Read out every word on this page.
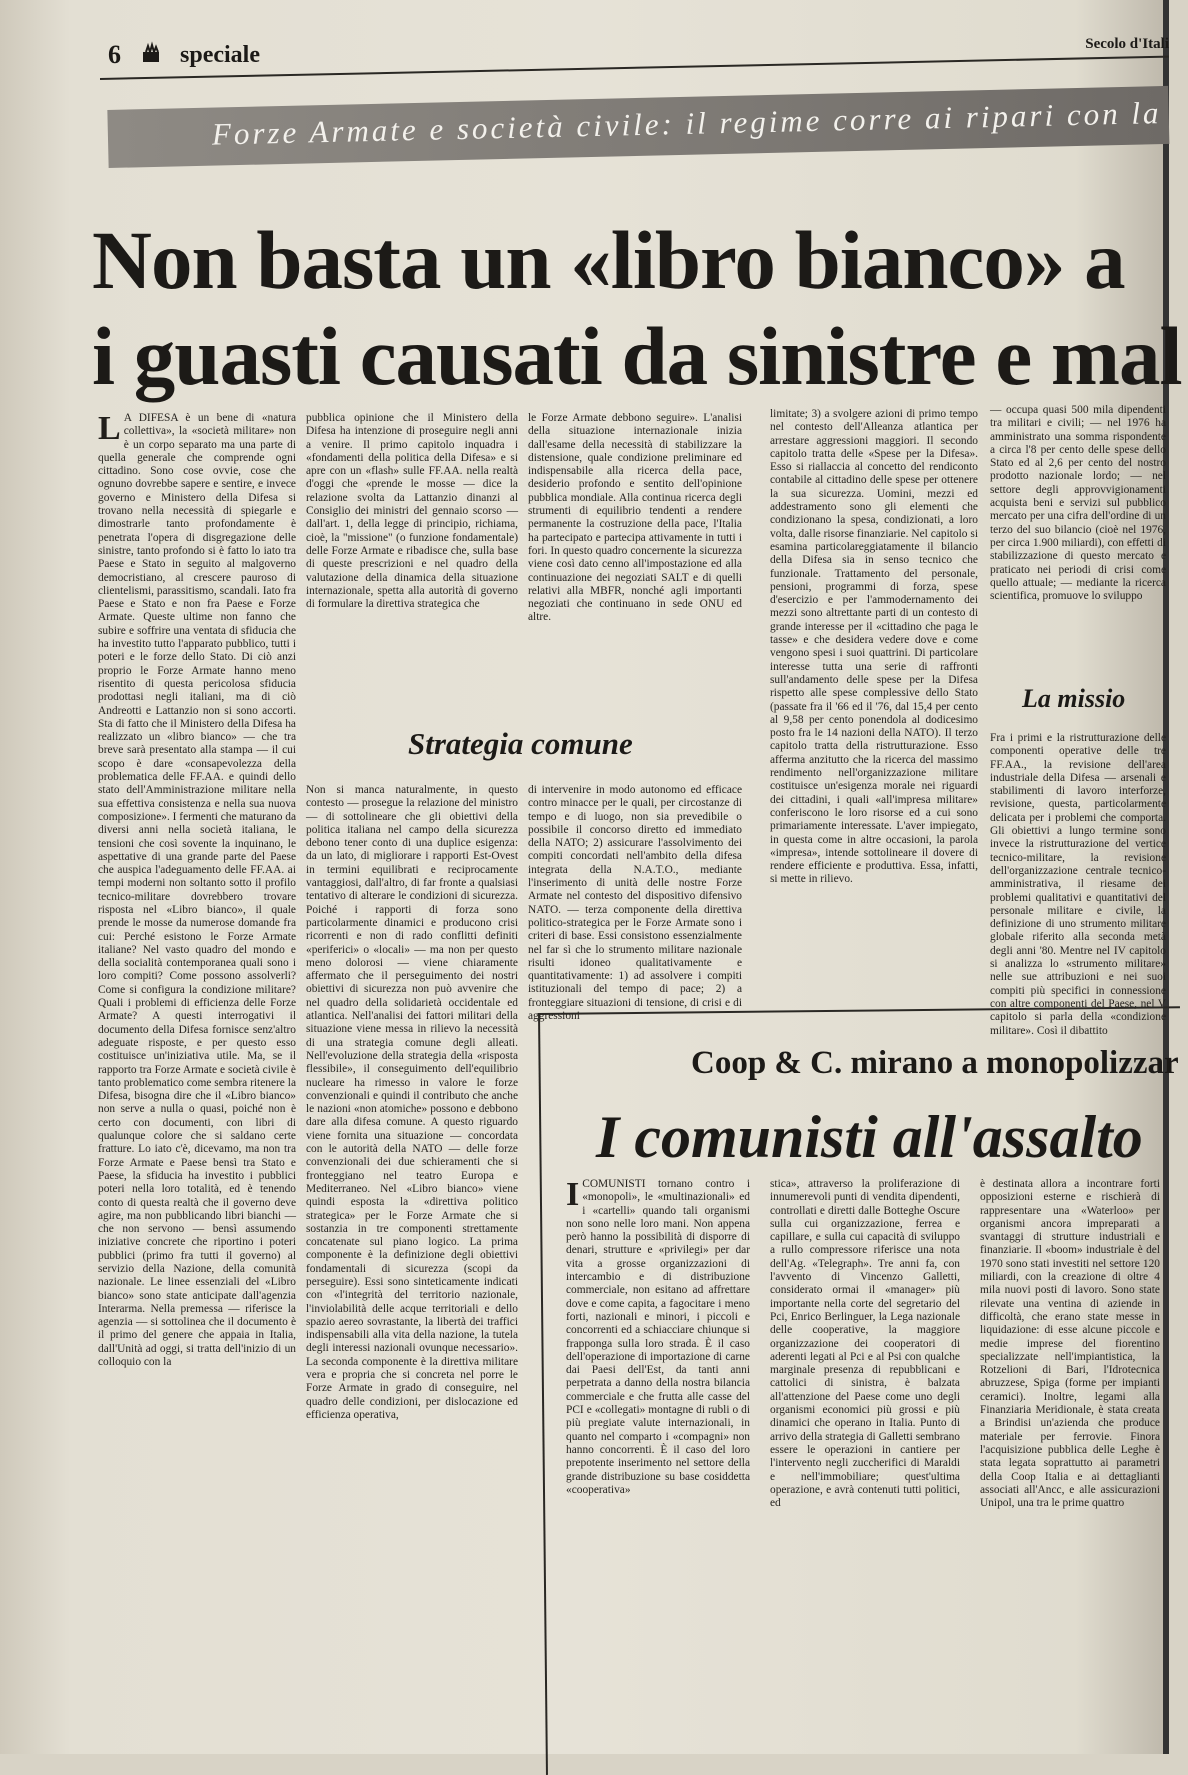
6 speciale	Secolo d'Itali
Forze Armate e società civile: il regime corre ai ripari con la
Non basta un «libro bianco» a
i guasti causati da sinistre e mal
L A DIFESA è un bene di «natura collettiva», la «società militare» non è un corpo separato ma una parte di quella generale che comprende ogni cittadino. Sono cose ovvie, cose che ognuno dovrebbe sapere e sentire, e invece governo e Ministero della Difesa si trovano nella necessità di spiegarle e dimostrarle tanto profondamente è penetrata l'opera di disgregazione delle sinistre, tanto profondo si è fatto lo iato tra Paese e Stato in seguito al malgoverno democristiano, al crescere pauroso di clientelismi, parassitismo, scandali. Iato fra Paese e Stato e non fra Paese e Forze Armate. Queste ultime non fanno che subire e soffrire una ventata di sfiducia che ha investito tutto l'apparato pubblico, tutti i poteri e le forze dello Stato. Di ciò anzi proprio le Forze Armate hanno meno risentito di questa pericolosa sfiducia prodottasi negli italiani, ma di ciò Andreotti e Lattanzio non si sono accorti. Sta di fatto che il Ministero della Difesa ha realizzato un «libro bianco» — che tra breve sarà presentato alla stampa — il cui scopo è dare «consapevolezza della problematica delle FF.AA. e quindi dello stato dell'Amministrazione militare nella sua effettiva consistenza e nella sua nuova composizione». I fermenti che maturano da diversi anni nella società italiana, le tensioni che così sovente la inquinano, le aspettative di una grande parte del Paese che auspica l'adeguamento delle FF.AA. ai tempi moderni non soltanto sotto il profilo tecnico-militare dovrebbero trovare risposta nel «Libro bianco», il quale prende le mosse da numerose domande fra cui: Perché esistono le Forze Armate italiane? Nel vasto quadro del mondo e della socialità contemporanea quali sono i loro compiti? Come possono assolverli? Come si configura la condizione militare? Quali i problemi di efficienza delle Forze Armate? A questi interrogativi il documento della Difesa fornisce senz'altro adeguate risposte, e per questo esso costituisce un'iniziativa utile. Ma, se il rapporto tra Forze Armate e società civile è tanto problematico come sembra ritenere la Difesa, bisogna dire che il «Libro bianco» non serve a nulla o quasi, poiché non è certo con documenti, con libri di qualunque colore che si saldano certe fratture. Lo iato c'è, dicevamo, ma non tra Forze Armate e Paese bensì tra Stato e Paese, la sfiducia ha investito i pubblici poteri nella loro totalità, ed è tenendo conto di questa realtà che il governo deve agire, ma non pubblicando libri bianchi — che non servono — bensì assumendo iniziative concrete che riportino i poteri pubblici (primo fra tutti il governo) al servizio della Nazione, della comunità nazionale. Le linee essenziali del «Libro bianco» sono state anticipate dall'agenzia Interarma. Nella premessa — riferisce la agenzia — si sottolinea che il documento è il primo del genere che appaia in Italia, dall'Unità ad oggi, si tratta dell'inizio di un colloquio con la
pubblica opinione che il Ministero della Difesa ha intenzione di proseguire negli anni a venire. Il primo capitolo inquadra i «fondamenti della politica della Difesa» e si apre con un «flash» sulle FF.AA. nella realtà d'oggi che «prende le mosse — dice la relazione svolta da Lattanzio dinanzi al Consiglio dei ministri del gennaio scorso — dall'art. 1, della legge di principio, richiama, cioè, la "missione" (o funzione fondamentale) delle Forze Armate e ribadisce che, sulla base di queste prescrizioni e nel quadro della valutazione della dinamica della situazione internazionale, spetta alla autorità di governo di formulare la direttiva strategica che
le Forze Armate debbono seguire». L'analisi della situazione internazionale inizia dall'esame della necessità di stabilizzare la distensione, quale condizione preliminare ed indispensabile alla ricerca della pace, desiderio profondo e sentito dell'opinione pubblica mondiale. Alla continua ricerca degli strumenti di equilibrio tendenti a rendere permanente la costruzione della pace, l'Italia ha partecipato e partecipa attivamente in tutti i fori. In questo quadro concernente la sicurezza viene così dato cenno all'impostazione ed alla continuazione dei negoziati SALT e di quelli relativi alla MBFR, nonché agli importanti negoziati che continuano in sede ONU ed altre.
Strategia comune
Non si manca naturalmente, in questo contesto — prosegue la relazione del ministro — di sottolineare che gli obiettivi della politica italiana nel campo della sicurezza debono tener conto di una duplice esigenza: da un lato, di migliorare i rapporti Est-Ovest in termini equilibrati e reciprocamente vantaggiosi, dall'altro, di far fronte a qualsiasi tentativo di alterare le condizioni di sicurezza. Poiché i rapporti di forza sono particolarmente dinamici e producono crisi ricorrenti e non di rado conflitti definiti «periferici» o «locali» — ma non per questo meno dolorosi — viene chiaramente affermato che il perseguimento dei nostri obiettivi di sicurezza non può avvenire che nel quadro della solidarietà occidentale ed atlantica. Nell'analisi dei fattori militari della situazione viene messa in rilievo la necessità di una strategia comune degli alleati. Nell'evoluzione della strategia della «risposta flessibile», il conseguimento dell'equilibrio nucleare ha rimesso in valore le forze convenzionali e quindi il contributo che anche le nazioni «non atomiche» possono e debbono dare alla difesa comune. A questo riguardo viene fornita una situazione — concordata con le autorità della NATO — delle forze convenzionali dei due schieramenti che si fronteggiano nel teatro Europa e Mediterraneo. Nel «Libro bianco» viene quindi esposta la «direttiva politico strategica» per le Forze Armate che si sostanzia in tre componenti strettamente concatenate sul piano logico. La prima componente è la definizione degli obiettivi fondamentali di sicurezza (scopi da perseguire). Essi sono sinteticamente indicati con «l'integrità del territorio nazionale, l'inviolabilità delle acque territoriali e dello spazio aereo sovrastante, la libertà dei traffici indispensabili alla vita della nazione, la tutela degli interessi nazionali ovunque necessario». La seconda componente è la direttiva militare vera e propria che si concreta nel porre le Forze Armate in grado di conseguire, nel quadro delle condizioni, per dislocazione ed efficienza operativa,
di intervenire in modo autonomo ed efficace contro minacce per le quali, per circostanze di tempo e di luogo, non sia prevedibile o possibile il concorso diretto ed immediato della NATO; 2) assicurare l'assolvimento dei compiti concordati nell'ambito della difesa integrata della N.A.T.O., mediante l'inserimento di unità delle nostre Forze Armate nel contesto del dispositivo difensivo NATO. — terza componente della direttiva politico-strategica per le Forze Armate sono i criteri di base. Essi consistono essenzialmente nel far sì che lo strumento militare nazionale risulti idoneo qualitativamente e quantitativamente: 1) ad assolvere i compiti istituzionali del tempo di pace; 2) a fronteggiare situazioni di tensione, di crisi e di aggressioni
limitate; 3) a svolgere azioni di primo tempo nel contesto dell'Alleanza atlantica per arrestare aggressioni maggiori. Il secondo capitolo tratta delle «Spese per la Difesa». Esso si riallaccia al concetto del rendiconto contabile al cittadino delle spese per ottenere la sua sicurezza. Uomini, mezzi ed addestramento sono gli elementi che condizionano la spesa, condizionati, a loro volta, dalle risorse finanziarie. Nel capitolo si esamina particolareggiatamente il bilancio della Difesa sia in senso tecnico che funzionale. Trattamento del personale, pensioni, programmi di forza, spese d'esercizio e per l'ammodernamento dei mezzi sono altrettante parti di un contesto di grande interesse per il «cittadino che paga le tasse» e che desidera vedere dove e come vengono spesi i suoi quattrini. Di particolare interesse tutta una serie di raffronti sull'andamento delle spese per la Difesa rispetto alle spese complessive dello Stato (passate fra il '66 ed il '76, dal 15,4 per cento al 9,58 per cento ponendola al dodicesimo posto fra le 14 nazioni della NATO). Il terzo capitolo tratta della ristrutturazione. Esso afferma anzitutto che la ricerca del massimo rendimento nell'organizzazione militare costituisce un'esigenza morale nei riguardi dei cittadini, i quali «all'impresa militare» conferiscono le loro risorse ed a cui sono primariamente interessate. L'aver impiegato, in questa come in altre occasioni, la parola «impresa», intende sottolineare il dovere di rendere efficiente e produttiva. Essa, infatti, si mette in rilievo.
— occupa quasi 500 mila dipendenti tra militari e civili; — nel 1976 ha amministrato una somma rispondente a circa l'8 per cento delle spese dello Stato ed al 2,6 per cento del nostro prodotto nazionale lordo; — nel settore degli approvvigionamenti acquista beni e servizi sul pubblico mercato per una cifra dell'ordine di un terzo del suo bilancio (cioè nel 1976, per circa 1.900 miliardi), con effetti di stabilizzazione di questo mercato e praticato nei periodi di crisi come quello attuale; — mediante la ricerca scientifica, promuove lo sviluppo
La missio
Fra i primi e la ristrutturazione delle componenti operative delle tre FF.AA., la revisione dell'area industriale della Difesa — arsenali e stabilimenti di lavoro interforze, revisione, questa, particolarmente delicata per i problemi che comporta. Gli obiettivi a lungo termine sono invece la ristrutturazione del vertice tecnico-militare, la revisione dell'organizzazione centrale tecnico-amministrativa, il riesame dei problemi qualitativi e quantitativi del personale militare e civile, la definizione di uno strumento militare globale riferito alla seconda metà degli anni '80. Mentre nel IV capitolo si analizza lo «strumento militare» nelle sue attribuzioni e nei suoi compiti più specifici in connessione con altre componenti del Paese, nel V capitolo si parla della «condizione militare». Così il dibattito
Coop & C. mirano a monopolizzar
I comunisti all'assalto
I COMUNISTI tornano contro i «monopoli», le «multinazionali» ed i «cartelli» quando tali organismi non sono nelle loro mani. Non appena però hanno la possibilità di disporre di denari, strutture e «privilegi» per dar vita a grosse organizzazioni di intercambio e di distribuzione commerciale, non esitano ad affrettare dove e come capita, a fagocitare i meno forti, nazionali e minori, i piccoli e concorrenti ed a schiacciare chiunque si frapponga sulla loro strada. È il caso dell'operazione di importazione di carne dai Paesi dell'Est, da tanti anni perpetrata a danno della nostra bilancia commerciale e che frutta alle casse del PCI e «collegati» montagne di rubli o di più pregiate valute internazionali, in quanto nel comparto i «compagni» non hanno concorrenti. È il caso del loro prepotente inserimento nel settore della grande distribuzione su base cosiddetta «cooperativa»
stica», attraverso la proliferazione di innumerevoli punti di vendita dipendenti, controllati e diretti dalle Botteghe Oscure sulla cui organizzazione, ferrea e capillare, e sulla cui capacità di sviluppo a rullo compressore riferisce una nota dell'Ag. «Telegraph». Tre anni fa, con l'avvento di Vincenzo Galletti, considerato ormai il «manager» più importante nella corte del segretario del Pci, Enrico Berlinguer, la Lega nazionale delle cooperative, la maggiore organizzazione dei cooperatori di aderenti legati al Pci e al Psi con qualche marginale presenza di repubblicani e cattolici di sinistra, è balzata all'attenzione del Paese come uno degli organismi economici più grossi e più dinamici che operano in Italia. Punto di arrivo della strategia di Galletti sembrano essere le operazioni in cantiere per l'intervento negli zuccherifici di Maraldi e nell'immobiliare; quest'ultima operazione, e avrà contenuti tutti politici, ed
è destinata allora a incontrare forti opposizioni esterne e rischierà di rappresentare una «Waterloo» per organismi ancora impreparati a svantaggi di strutture industriali e finanziarie. Il «boom» industriale è del 1970 sono stati investiti nel settore 120 miliardi, con la creazione di oltre 4 mila nuovi posti di lavoro. Sono state rilevate una ventina di aziende in difficoltà, che erano state messe in liquidazione: di esse alcune piccole e medie imprese del fiorentino specializzate nell'impiantistica, la Rotzelioni di Bari, l'Idrotecnica abruzzese, Spiga (forme per impianti ceramici). Inoltre, legami alla Finanziaria Meridionale, è stata creata a Brindisi un'azienda che produce materiale per ferrovie. Finora l'acquisizione pubblica delle Leghe è stata legata soprattutto ai parametri della Coop Italia e ai dettaglianti associati all'Ancc, e alle assicurazioni Unipol, una tra le prime quattro
